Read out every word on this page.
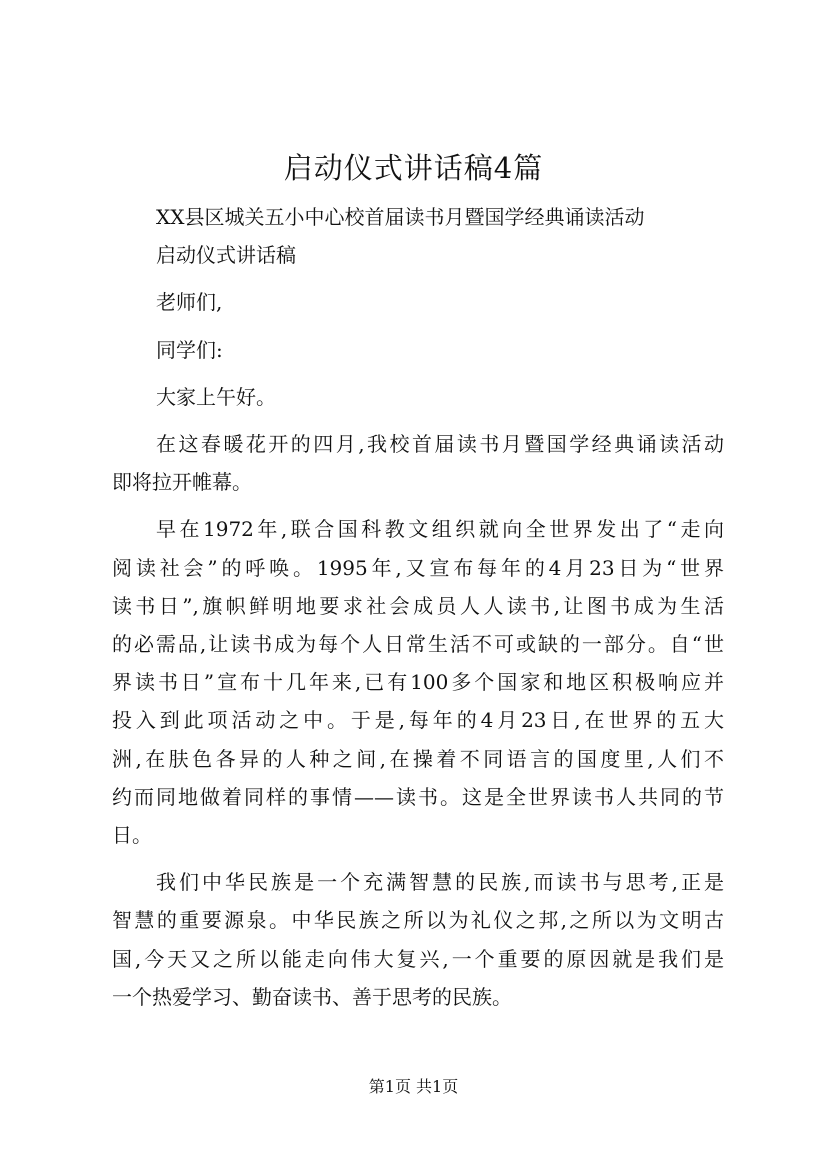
启动仪式讲话稿4篇
XX县区城关五小中心校首届读书月暨国学经典诵读活动
启动仪式讲话稿
老师们,
同学们:
大家上午好。
在这春暖花开的四月,我校首届读书月暨国学经典诵读活动
即将拉开帷幕。
早在1972年,联合国科教文组织就向全世界发出了“走向
阅读社会”的呼唤。1995年,又宣布每年的4月23日为“世界
读书日”,旗帜鲜明地要求社会成员人人读书,让图书成为生活
的必需品,让读书成为每个人日常生活不可或缺的一部分。自“世
界读书日”宣布十几年来,已有100多个国家和地区积极响应并
投入到此项活动之中。于是,每年的4月23日,在世界的五大
洲,在肤色各异的人种之间,在操着不同语言的国度里,人们不
约而同地做着同样的事情——读书。这是全世界读书人共同的节
日。
我们中华民族是一个充满智慧的民族,而读书与思考,正是
智慧的重要源泉。中华民族之所以为礼仪之邦,之所以为文明古
国,今天又之所以能走向伟大复兴,一个重要的原因就是我们是
一个热爱学习、勤奋读书、善于思考的民族。
第1页 共1页
